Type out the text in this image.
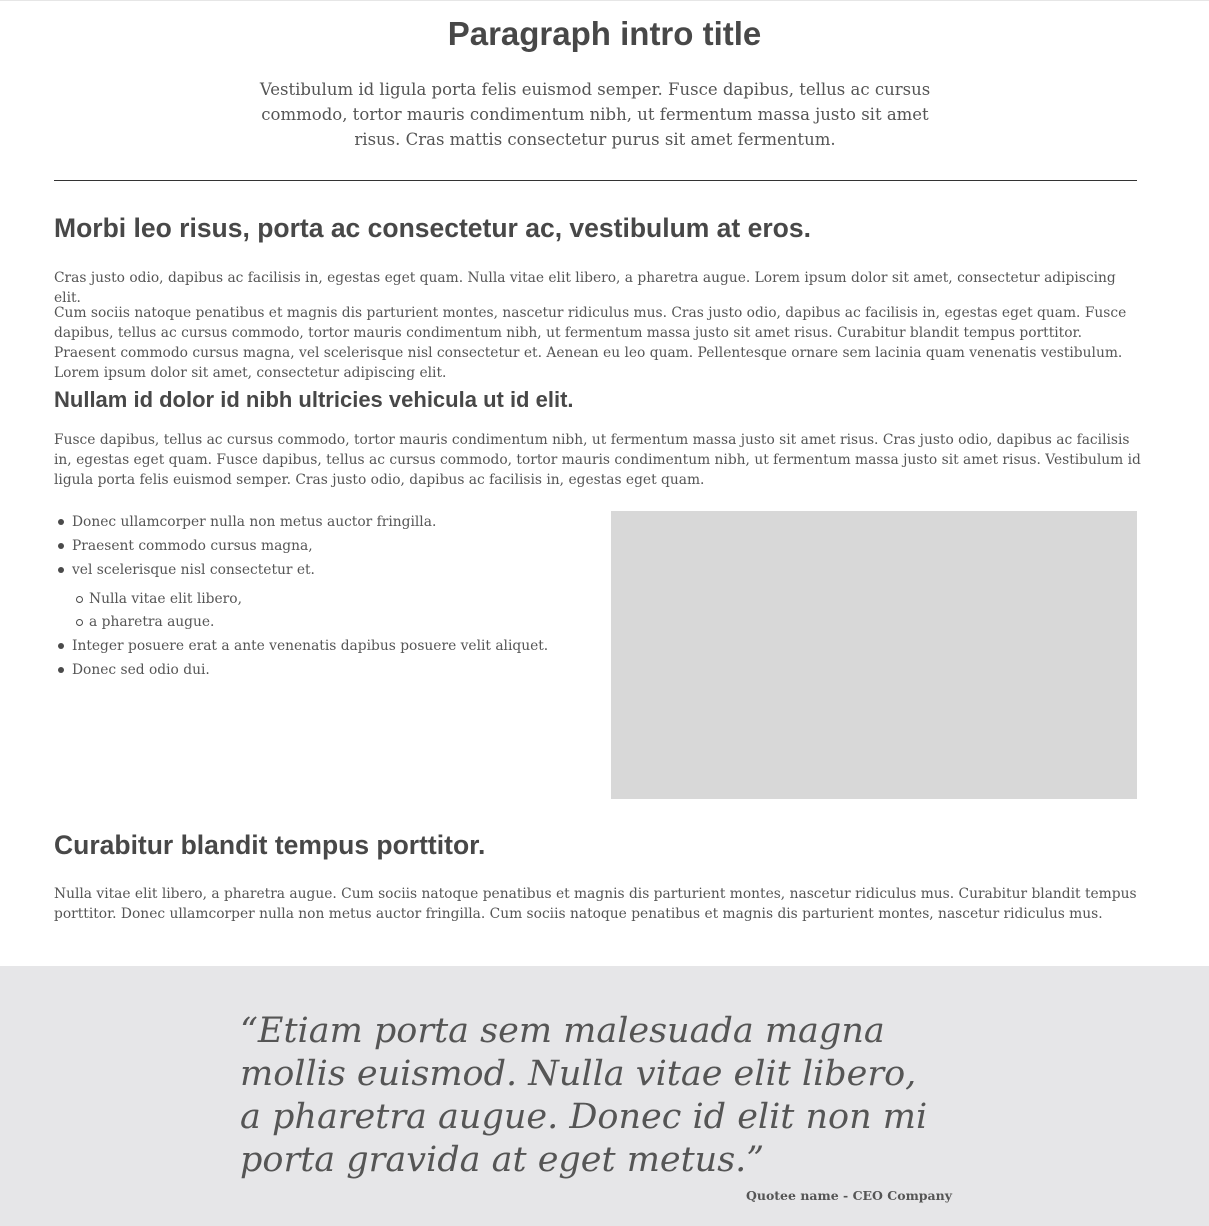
Paragraph intro title

Vestibulum id ligula porta felis euismod semper. Fusce dapibus, tellus ac cursus commodo, tortor mauris condimentum nibh, ut fermentum massa justo sit amet risus. Cras mattis consectetur purus sit amet fermentum.

Morbi leo risus, porta ac consectetur ac, vestibulum at eros.

Cras justo odio, dapibus ac facilisis in, egestas eget quam. Nulla vitae elit libero, a pharetra augue. Lorem ipsum dolor sit amet, consectetur adipiscing elit.

Cum sociis natoque penatibus et magnis dis parturient montes, nascetur ridiculus mus. Cras justo odio, dapibus ac facilisis in, egestas eget quam. Fusce dapibus, tellus ac cursus commodo, tortor mauris condimentum nibh, ut fermentum massa justo sit amet risus. Curabitur blandit tempus porttitor. Praesent commodo cursus magna, vel scelerisque nisl consectetur et. Aenean eu leo quam. Pellentesque ornare sem lacinia quam venenatis vestibulum. Lorem ipsum dolor sit amet, consectetur adipiscing elit.

Nullam id dolor id nibh ultricies vehicula ut id elit.

Fusce dapibus, tellus ac cursus commodo, tortor mauris condimentum nibh, ut fermentum massa justo sit amet risus. Cras justo odio, dapibus ac facilisis in, egestas eget quam. Fusce dapibus, tellus ac cursus commodo, tortor mauris condimentum nibh, ut fermentum massa justo sit amet risus. Vestibulum id ligula porta felis euismod semper. Cras justo odio, dapibus ac facilisis in, egestas eget quam.

Donec ullamcorper nulla non metus auctor fringilla.
Praesent commodo cursus magna,
vel scelerisque nisl consectetur et.
Nulla vitae elit libero,
a pharetra augue.
Integer posuere erat a ante venenatis dapibus posuere velit aliquet.
Donec sed odio dui.
Curabitur blandit tempus porttitor.

Nulla vitae elit libero, a pharetra augue. Cum sociis natoque penatibus et magnis dis parturient montes, nascetur ridiculus mus. Curabitur blandit tempus porttitor. Donec ullamcorper nulla non metus auctor fringilla. Cum sociis natoque penatibus et magnis dis parturient montes, nascetur ridiculus mus.

“Etiam porta sem malesuada magna mollis euismod. Nulla vitae elit libero, a pharetra augue. Donec id elit non mi porta gravida at eget metus.”

Quotee name - CEO Company
